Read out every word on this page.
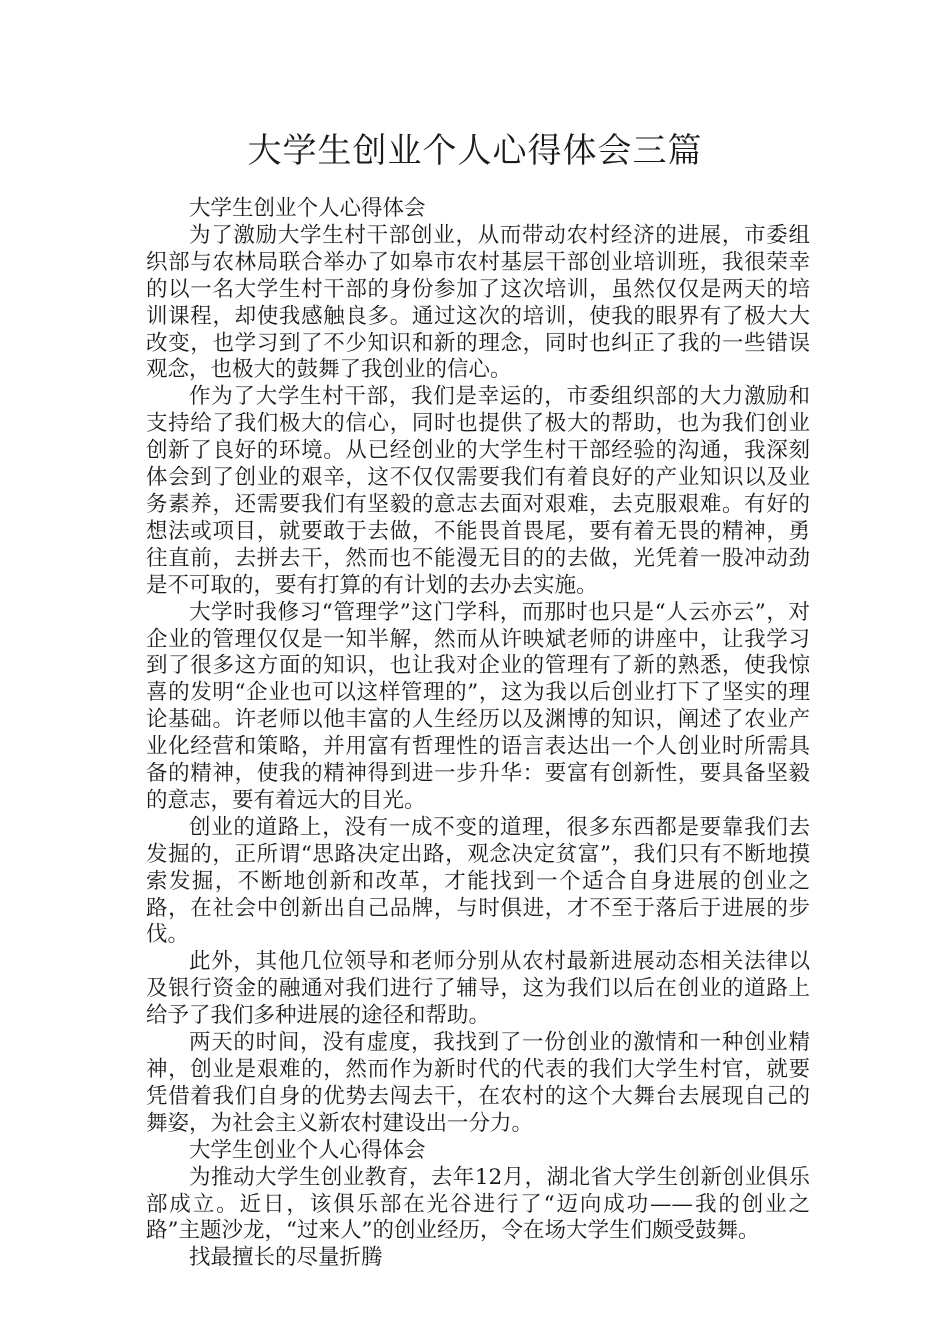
大学生创业个人心得体会三篇

大学生创业个人心得体会

为了激励大学生村干部创业，从而带动农村经济的进展，市委组织部与农林局联合举办了如皋市农村基层干部创业培训班，我很荣幸的以一名大学生村干部的身份参加了这次培训，虽然仅仅是两天的培训课程，却使我感触良多。通过这次的培训，使我的眼界有了极大大改变，也学习到了不少知识和新的理念，同时也纠正了我的一些错误观念，也极大的鼓舞了我创业的信心。

作为了大学生村干部，我们是幸运的，市委组织部的大力激励和支持给了我们极大的信心，同时也提供了极大的帮助，也为我们创业创新了良好的环境。从已经创业的大学生村干部经验的沟通，我深刻体会到了创业的艰辛，这不仅仅需要我们有着良好的产业知识以及业务素养，还需要我们有坚毅的意志去面对艰难，去克服艰难。有好的想法或项目，就要敢于去做，不能畏首畏尾，要有着无畏的精神，勇往直前，去拼去干，然而也不能漫无目的的去做，光凭着一股冲动劲是不可取的，要有打算的有计划的去办去实施。

大学时我修习“管理学”这门学科，而那时也只是“人云亦云”，对企业的管理仅仅是一知半解，然而从许映斌老师的讲座中，让我学习到了很多这方面的知识，也让我对企业的管理有了新的熟悉，使我惊喜的发明“企业也可以这样管理的”，这为我以后创业打下了坚实的理论基础。许老师以他丰富的人生经历以及渊博的知识，阐述了农业产业化经营和策略，并用富有哲理性的语言表达出一个人创业时所需具备的精神，使我的精神得到进一步升华：要富有创新性，要具备坚毅的意志，要有着远大的目光。

创业的道路上，没有一成不变的道理，很多东西都是要靠我们去发掘的，正所谓“思路决定出路，观念决定贫富”，我们只有不断地摸索发掘，不断地创新和改革，才能找到一个适合自身进展的创业之路，在社会中创新出自己品牌，与时俱进，才不至于落后于进展的步伐。

此外，其他几位领导和老师分别从农村最新进展动态相关法律以及银行资金的融通对我们进行了辅导，这为我们以后在创业的道路上给予了我们多种进展的途径和帮助。

两天的时间，没有虚度，我找到了一份创业的激情和一种创业精神，创业是艰难的，然而作为新时代的代表的我们大学生村官，就要凭借着我们自身的优势去闯去干，在农村的这个大舞台去展现自己的舞姿，为社会主义新农村建设出一分力。

大学生创业个人心得体会

为推动大学生创业教育，去年12月，湖北省大学生创新创业俱乐部成立。近日，该俱乐部在光谷进行了“迈向成功——我的创业之路”主题沙龙，“过来人”的创业经历，令在场大学生们颇受鼓舞。

找最擅长的尽量折腾
